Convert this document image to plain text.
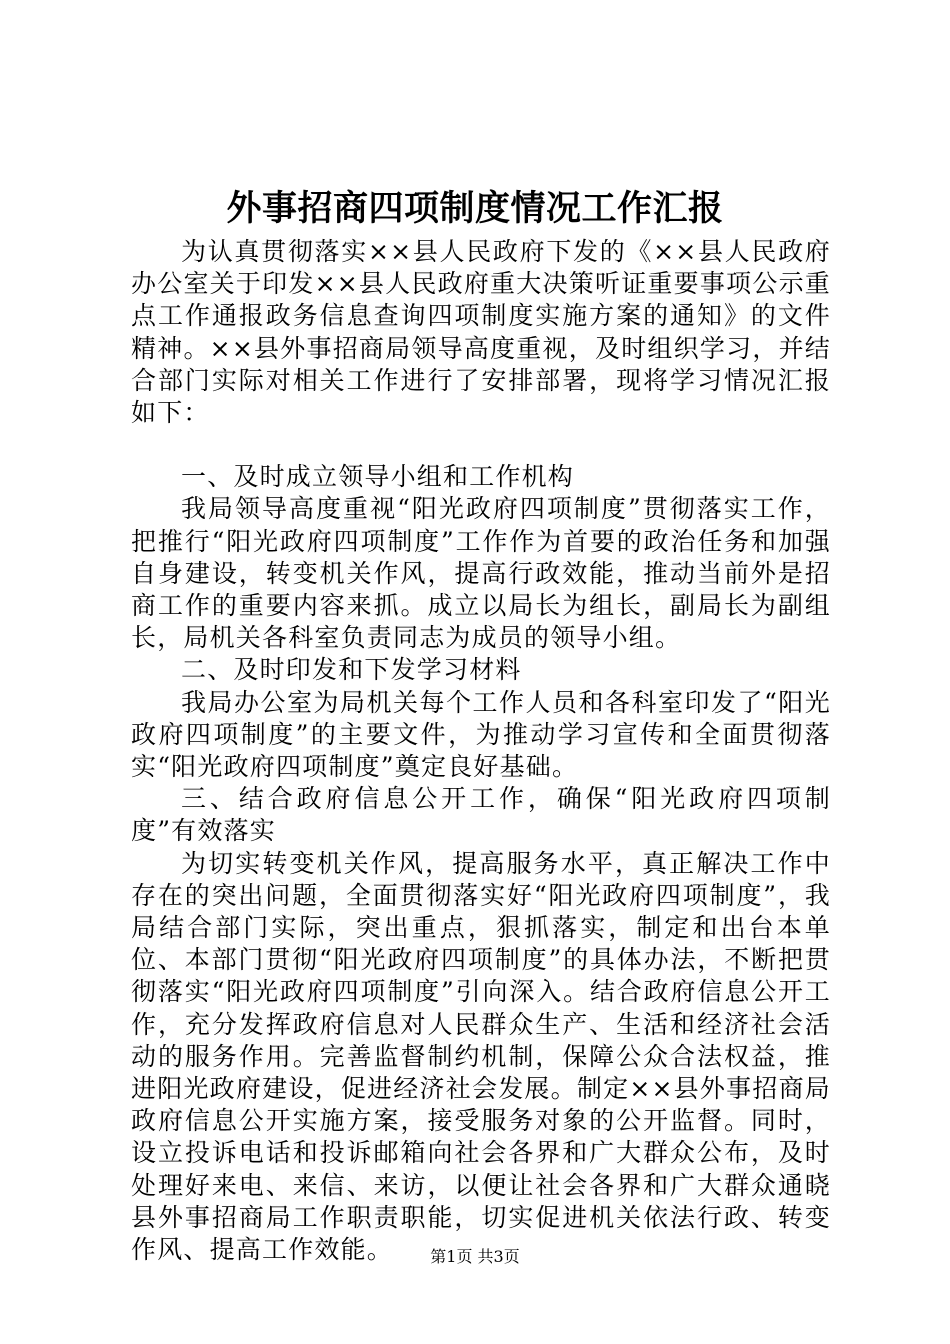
外事招商四项制度情况工作汇报

为认真贯彻落实××县人民政府下发的《××县人民政府办公室关于印发××县人民政府重大决策听证重要事项公示重点工作通报政务信息查询四项制度实施方案的通知》的文件精神。××县外事招商局领导高度重视，及时组织学习，并结合部门实际对相关工作进行了安排部署，现将学习情况汇报如下：

一、及时成立领导小组和工作机构

我局领导高度重视“阳光政府四项制度”贯彻落实工作，把推行“阳光政府四项制度”工作作为首要的政治任务和加强自身建设，转变机关作风，提高行政效能，推动当前外是招商工作的重要内容来抓。成立以局长为组长，副局长为副组长，局机关各科室负责同志为成员的领导小组。

二、及时印发和下发学习材料

我局办公室为局机关每个工作人员和各科室印发了“阳光政府四项制度”的主要文件，为推动学习宣传和全面贯彻落实“阳光政府四项制度”奠定良好基础。

三、结合政府信息公开工作，确保“阳光政府四项制度”有效落实

为切实转变机关作风，提高服务水平，真正解决工作中存在的突出问题，全面贯彻落实好“阳光政府四项制度”，我局结合部门实际，突出重点，狠抓落实，制定和出台本单位、本部门贯彻“阳光政府四项制度”的具体办法，不断把贯彻落实“阳光政府四项制度”引向深入。结合政府信息公开工作，充分发挥政府信息对人民群众生产、生活和经济社会活动的服务作用。完善监督制约机制，保障公众合法权益，推进阳光政府建设，促进经济社会发展。制定××县外事招商局政府信息公开实施方案，接受服务对象的公开监督。同时，设立投诉电话和投诉邮箱向社会各界和广大群众公布，及时处理好来电、来信、来访，以便让社会各界和广大群众通晓县外事招商局工作职责职能，切实促进机关依法行政、转变作风、提高工作效能。	第1页 共3页
